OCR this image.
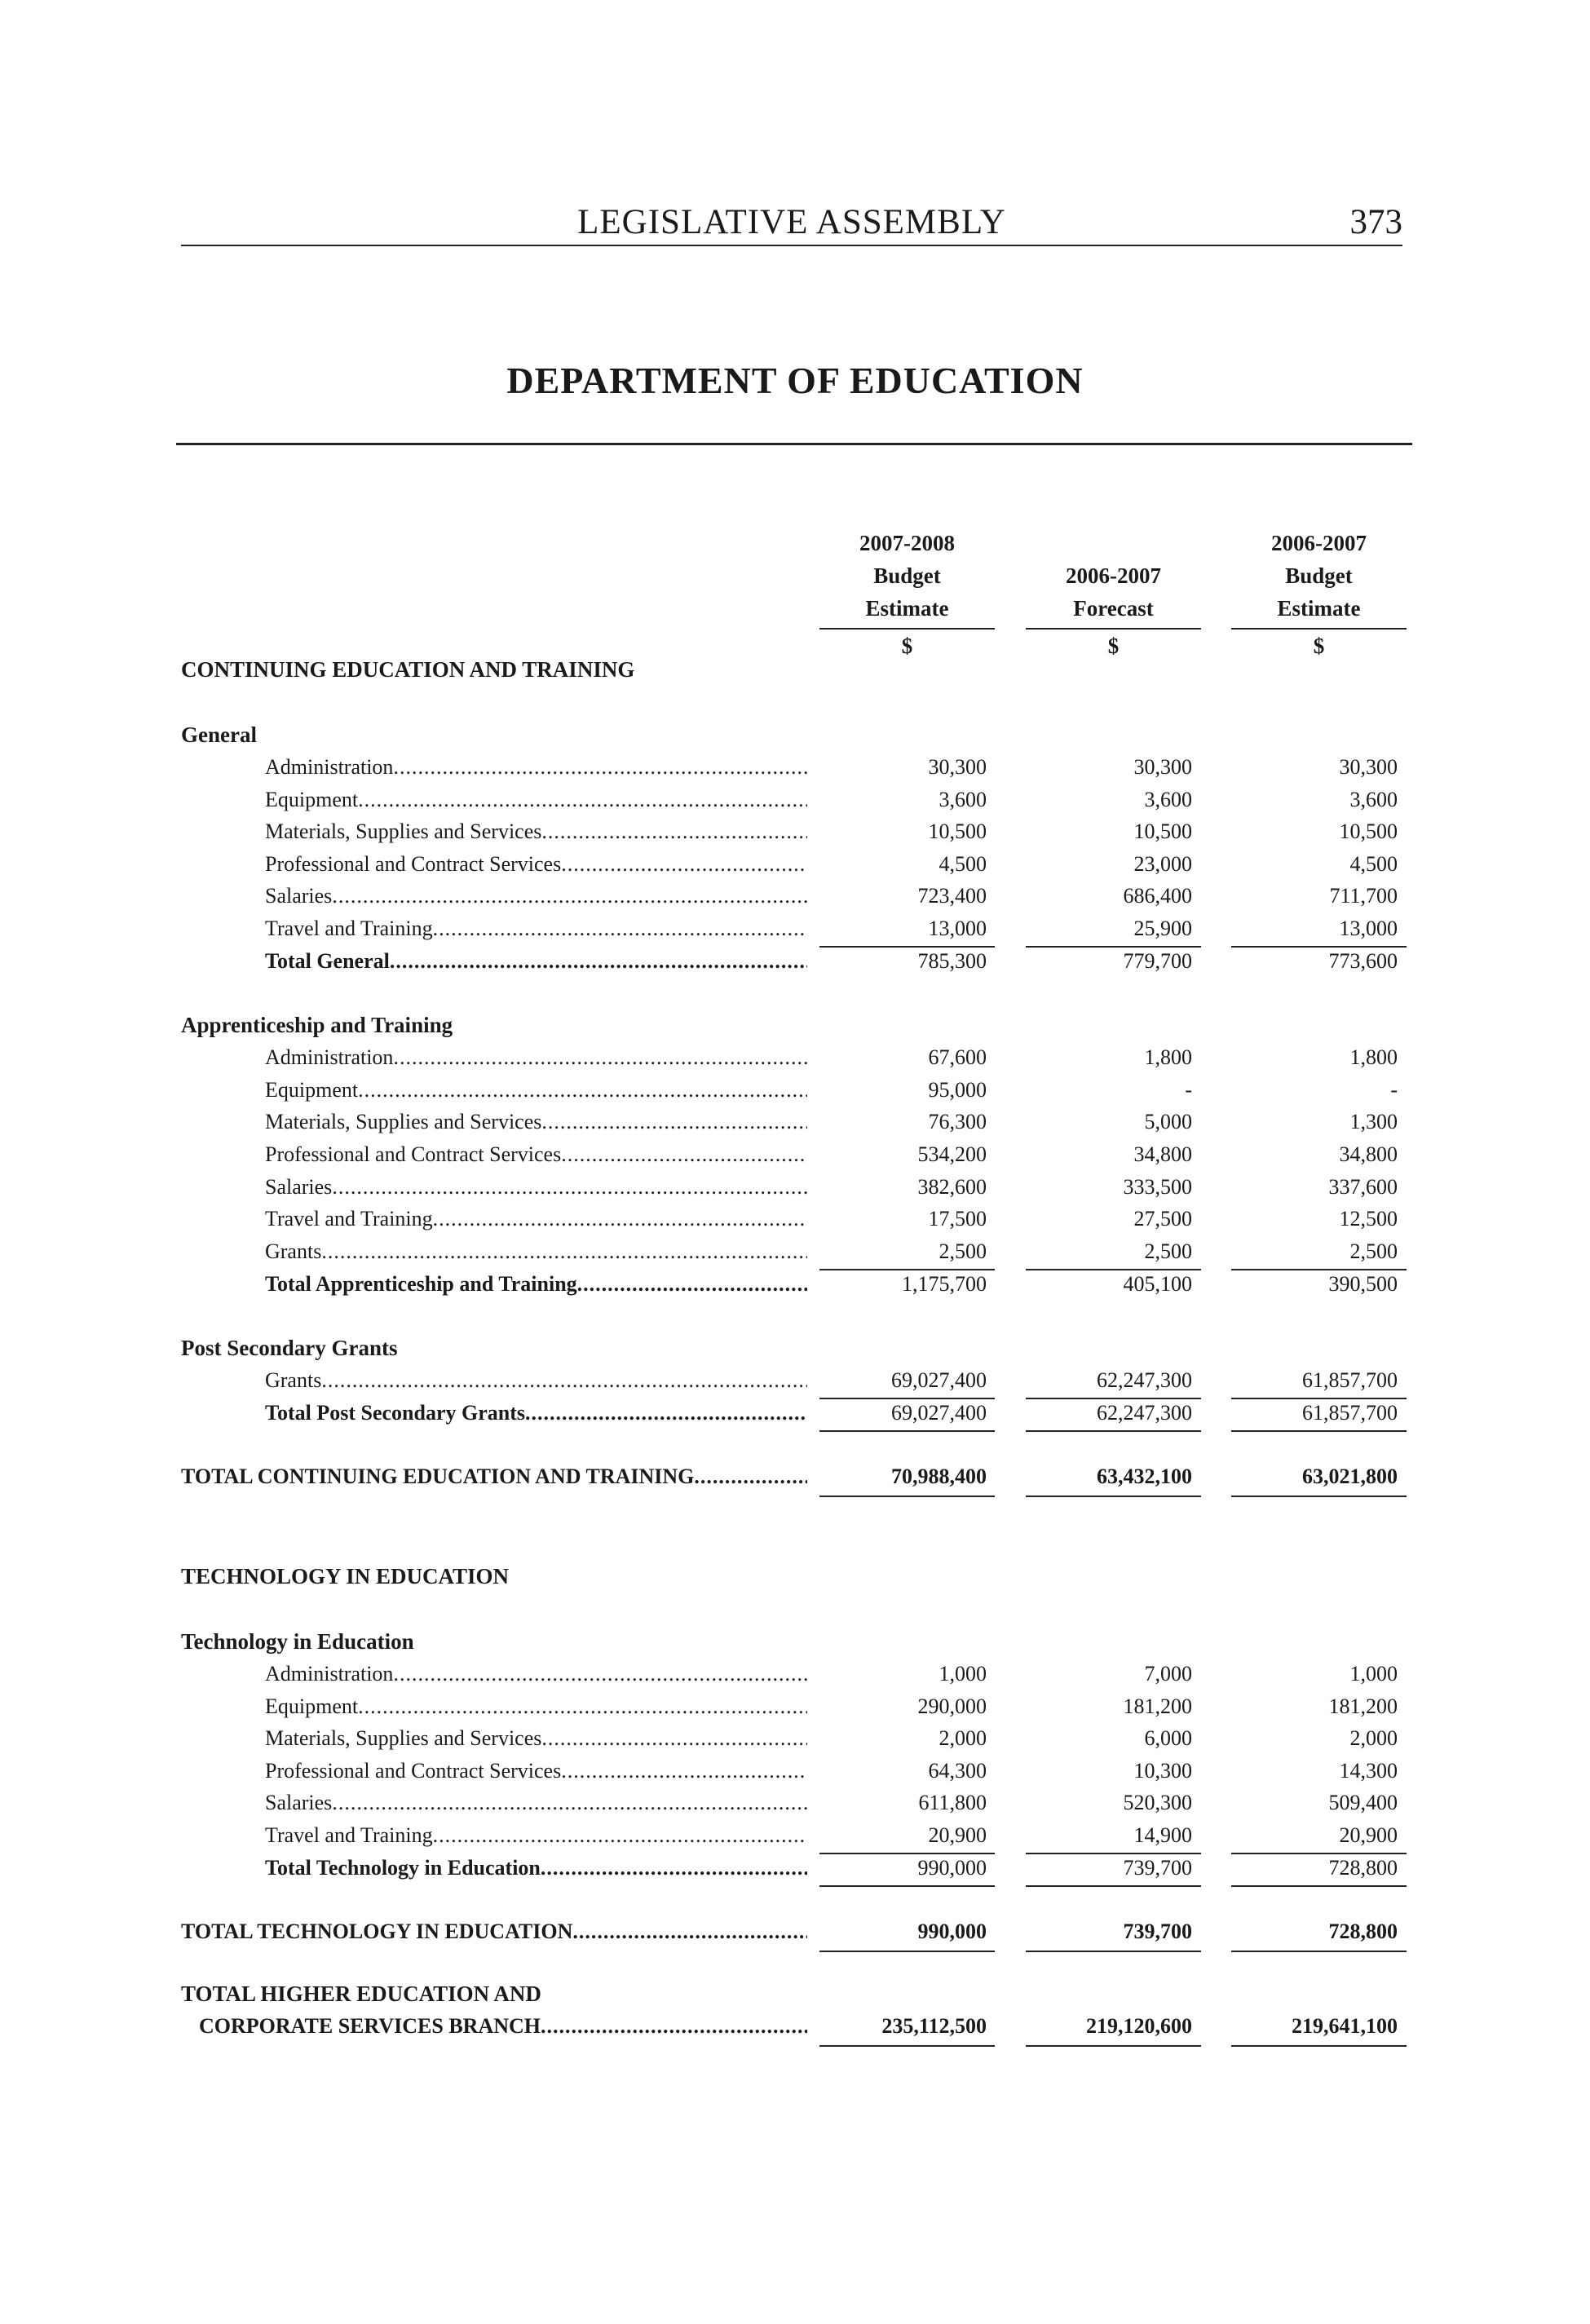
LEGISLATIVE ASSEMBLY	373
DEPARTMENT OF EDUCATION
2007-2008
Budget
Estimate
$
2006-2007
Forecast
$
2006-2007
Budget
Estimate
$
CONTINUING EDUCATION AND TRAINING
General
Administration .....	30,300	30,300	30,300
Equipment .....	3,600	3,600	3,600
Materials, Supplies and Services .....	10,500	10,500	10,500
Professional and Contract Services .....	4,500	23,000	4,500
Salaries .....	723,400	686,400	711,700
Travel and Training .....	13,000	25,900	13,000
Total General .....	785,300	779,700	773,600
Apprenticeship and Training
Administration .....	67,600	1,800	1,800
Equipment .....	95,000	-	-
Materials, Supplies and Services .....	76,300	5,000	1,300
Professional and Contract Services .....	534,200	34,800	34,800
Salaries .....	382,600	333,500	337,600
Travel and Training .....	17,500	27,500	12,500
Grants .....	2,500	2,500	2,500
Total Apprenticeship and Training .....	1,175,700	405,100	390,500
Post Secondary Grants
Grants .....	69,027,400	62,247,300	61,857,700
Total Post Secondary Grants .....	69,027,400	62,247,300	61,857,700
TOTAL CONTINUING EDUCATION AND TRAINING .....	70,988,400	63,432,100	63,021,800
TECHNOLOGY IN EDUCATION
Technology in Education
Administration .....	1,000	7,000	1,000
Equipment .....	290,000	181,200	181,200
Materials, Supplies and Services .....	2,000	6,000	2,000
Professional and Contract Services .....	64,300	10,300	14,300
Salaries .....	611,800	520,300	509,400
Travel and Training .....	20,900	14,900	20,900
Total Technology in Education .....	990,000	739,700	728,800
TOTAL TECHNOLOGY IN EDUCATION .....	990,000	739,700	728,800
TOTAL HIGHER EDUCATION AND
CORPORATE SERVICES BRANCH .....	235,112,500	219,120,600	219,641,100
